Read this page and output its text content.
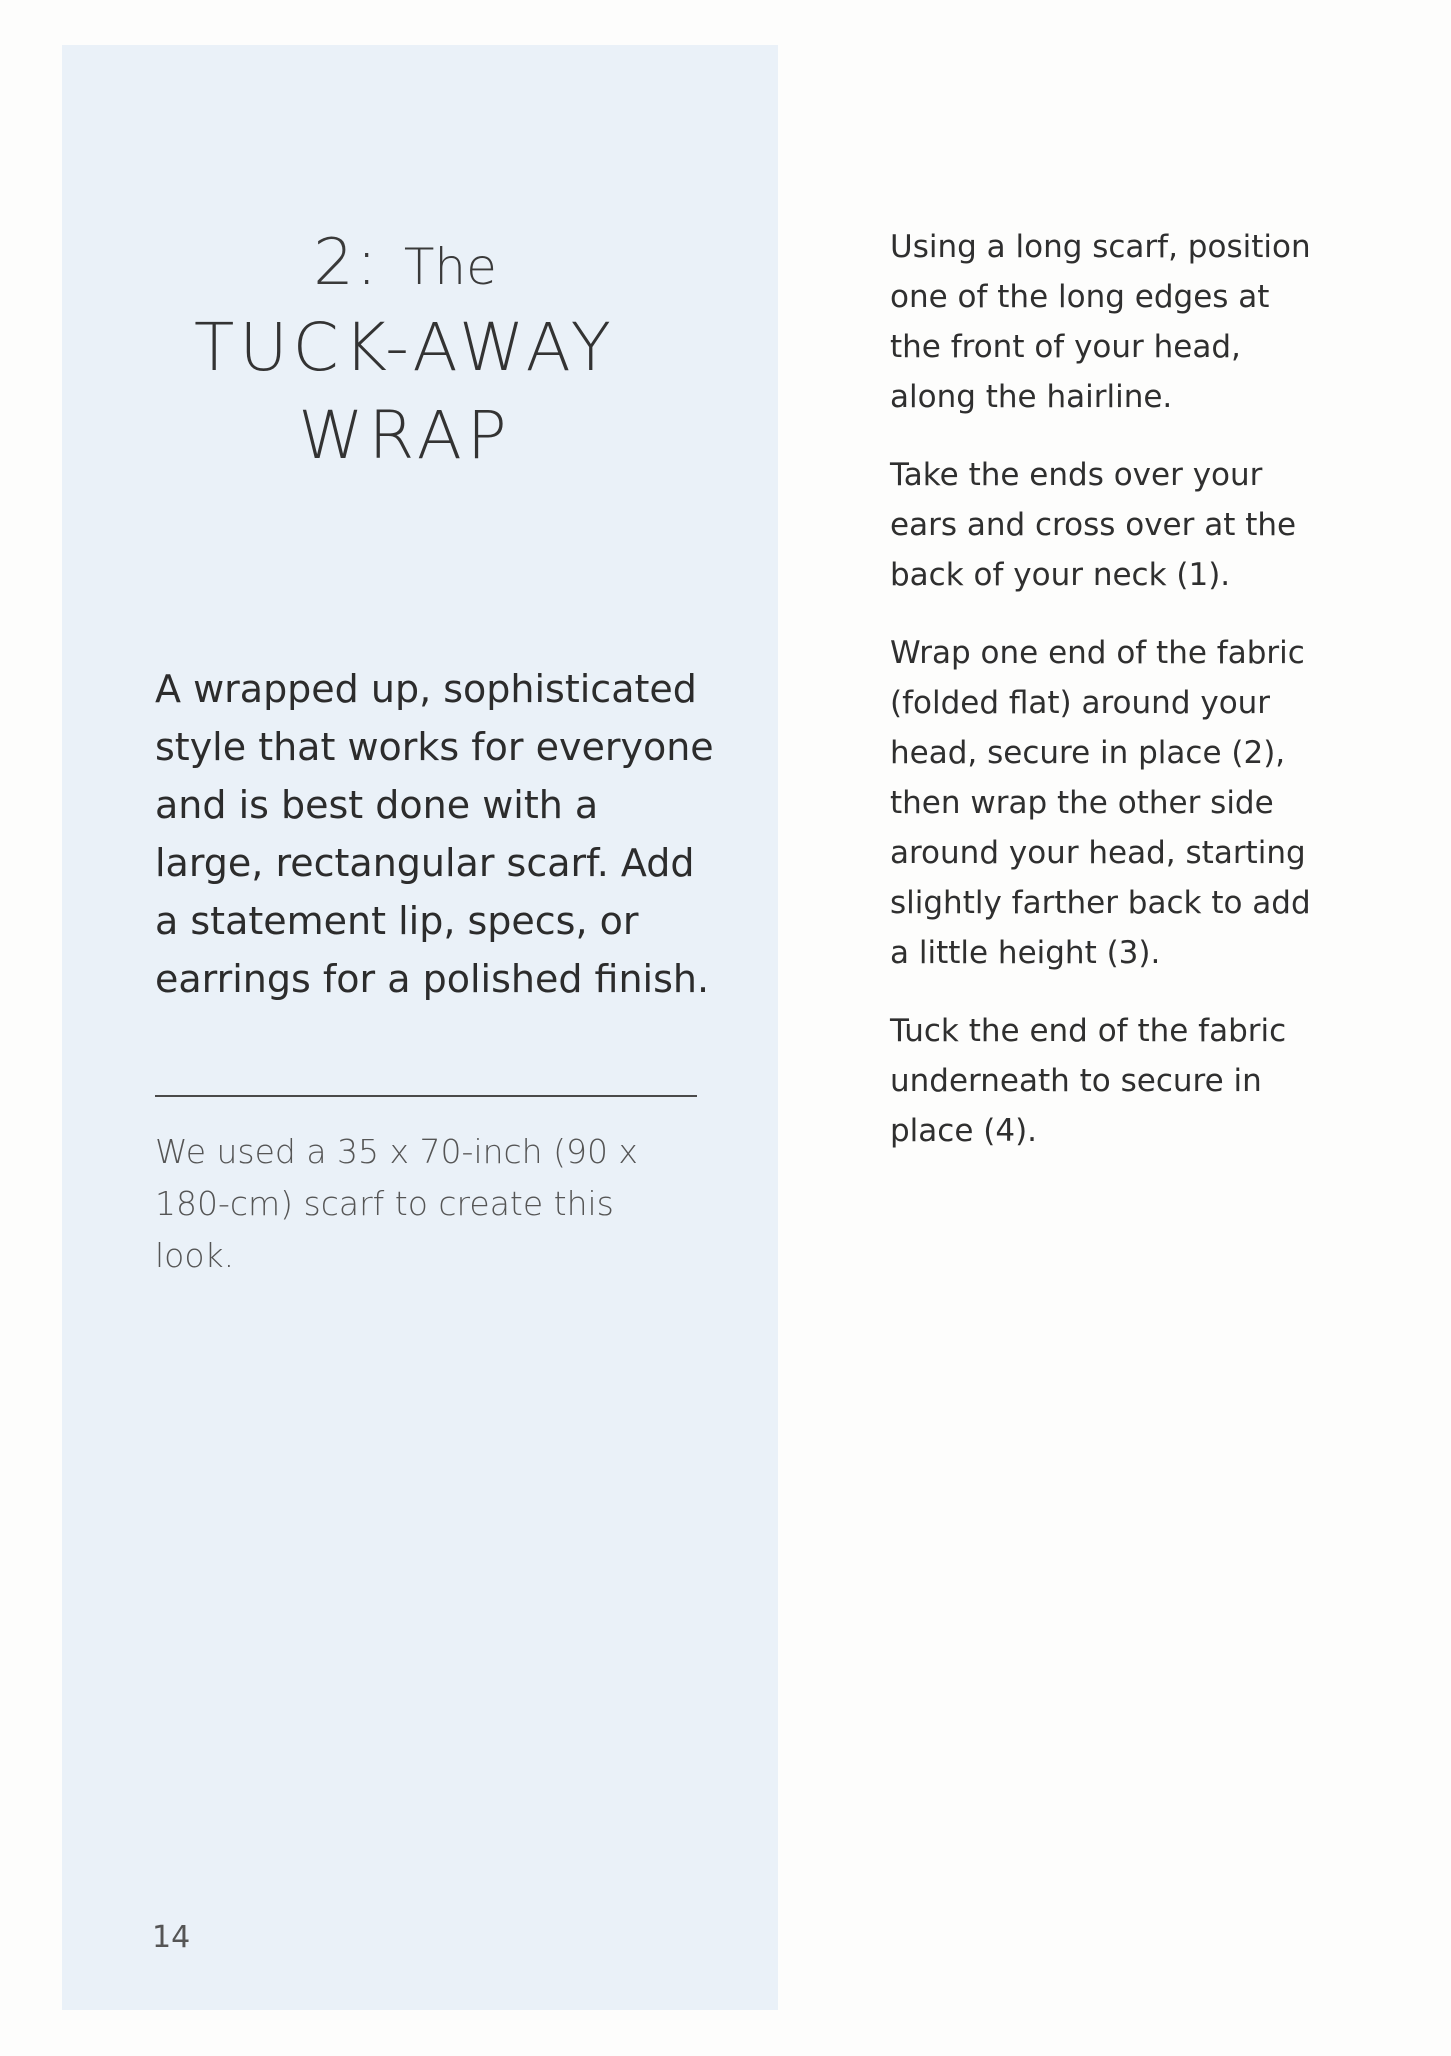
2: The
TUCK-AWAY
WRAP

A wrapped up, sophisticated style that works for everyone and is best done with a large, rectangular scarf. Add a statement lip, specs, or earrings for a polished finish.

We used a 35 x 70-inch (90 x 180-cm) scarf to create this look.

14

Using a long scarf, position one of the long edges at the front of your head, along the hairline.

Take the ends over your ears and cross over at the back of your neck (1).

Wrap one end of the fabric (folded flat) around your head, secure in place (2), then wrap the other side around your head, starting slightly farther back to add a little height (3).

Tuck the end of the fabric underneath to secure in place (4).
